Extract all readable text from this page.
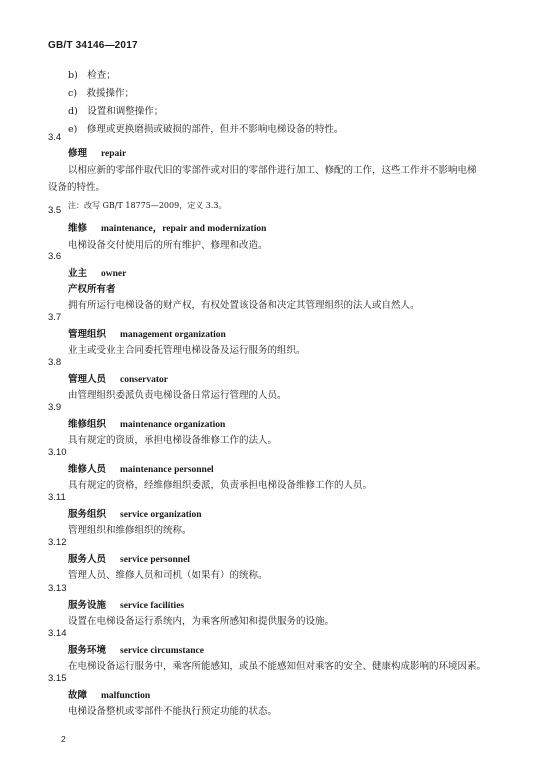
GB/T 34146—2017
b)　检查；
c)　救援操作；
d)　设置和调整操作；
e)　修理或更换磨损或破损的部件，但并不影响电梯设备的特性。
3.4
修理 repair
以相应新的零部件取代旧的零部件或对旧的零部件进行加工、修配的工作，这些工作并不影响电梯
设备的特性。
注：改写 GB/T 18775—2009，定义 3.3。
3.5
维修 maintenance，repair and modernization
电梯设备交付使用后的所有维护、修理和改造。
3.6
业主 owner
产权所有者
拥有所运行电梯设备的财产权，有权处置该设备和决定其管理组织的法人或自然人。
3.7
管理组织 management organization
业主或受业主合同委托管理电梯设备及运行服务的组织。
3.8
管理人员 conservator
由管理组织委派负责电梯设备日常运行管理的人员。
3.9
维修组织 maintenance organization
具有规定的资质，承担电梯设备维修工作的法人。
3.10
维修人员 maintenance personnel
具有规定的资格，经维修组织委派，负责承担电梯设备维修工作的人员。
3.11
服务组织 service organization
管理组织和维修组织的统称。
3.12
服务人员 service personnel
管理人员、维修人员和司机（如果有）的统称。
3.13
服务设施 service facilities
设置在电梯设备运行系统内，为乘客所感知和提供服务的设施。
3.14
服务环境 service circumstance
在电梯设备运行服务中，乘客所能感知，或虽不能感知但对乘客的安全、健康构成影响的环境因素。
3.15
故障 malfunction
电梯设备整机或零部件不能执行预定功能的状态。
2
